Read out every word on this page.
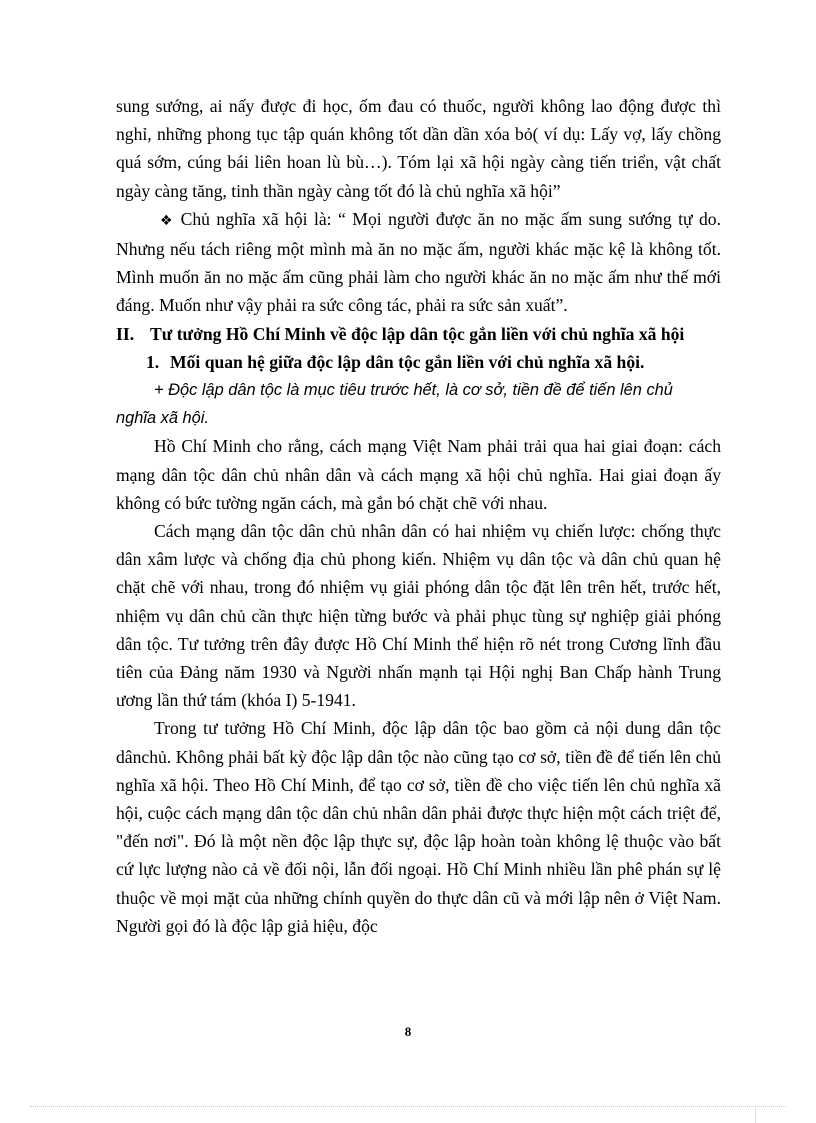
sung sướng, ai nấy được đi học, ốm đau có thuốc, người không lao động được thì nghỉ, những phong tục tập quán không tốt dần dần xóa bỏ( ví dụ: Lấy vợ, lấy chồng quá sớm, cúng bái liên hoan lù bù…). Tóm lại xã hội ngày càng tiến triển, vật chất ngày càng tăng, tinh thần ngày càng tốt đó là chủ nghĩa xã hội”

❖ Chủ nghĩa xã hội là: “ Mọi người được ăn no mặc ấm sung sướng tự do. Nhưng nếu tách riêng một mình mà ăn no mặc ấm, người khác mặc kệ là không tốt. Mình muốn ăn no mặc ấm cũng phải làm cho người khác ăn no mặc ấm như thế mới đáng. Muốn như vậy phải ra sức công tác, phải ra sức sản xuất”.

II. Tư tưởng Hồ Chí Minh về độc lập dân tộc gắn liền với chủ nghĩa xã hội

1. Mối quan hệ giữa độc lập dân tộc gắn liền với chủ nghĩa xã hội.

+ Độc lập dân tộc là mục tiêu trước hết, là cơ sở, tiền đề để tiến lên chủ
nghĩa xã hội.

Hồ Chí Minh cho rằng, cách mạng Việt Nam phải trải qua hai giai đoạn: cách mạng dân tộc dân chủ nhân dân và cách mạng xã hội chủ nghĩa. Hai giai đoạn ấy không có bức tường ngăn cách, mà gắn bó chặt chẽ với nhau.

Cách mạng dân tộc dân chủ nhân dân có hai nhiệm vụ chiến lược: chống thực dân xâm lược và chống địa chủ phong kiến. Nhiệm vụ dân tộc và dân chủ quan hệ chặt chẽ với nhau, trong đó nhiệm vụ giải phóng dân tộc đặt lên trên hết, trước hết, nhiệm vụ dân chủ cần thực hiện từng bước và phải phục tùng sự nghiệp giải phóng dân tộc. Tư tưởng trên đây được Hồ Chí Minh thể hiện rõ nét trong Cương lĩnh đầu tiên của Đảng năm 1930 và Người nhấn mạnh tại Hội nghị Ban Chấp hành Trung ương lần thứ tám (khóa I) 5-1941.

Trong tư tưởng Hồ Chí Minh, độc lập dân tộc bao gồm cả nội dung dân tộc dânchủ. Không phải bất kỳ độc lập dân tộc nào cũng tạo cơ sở, tiền đề để tiến lên chủ nghĩa xã hội. Theo Hồ Chí Minh, để tạo cơ sở, tiền đề cho việc tiến lên chủ nghĩa xã hội, cuộc cách mạng dân tộc dân chủ nhân dân phải được thực hiện một cách triệt để, "đến nơi". Đó là một nền độc lập thực sự, độc lập hoàn toàn không lệ thuộc vào bất cứ lực lượng nào cả về đối nội, lẫn đối ngoại. Hồ Chí Minh nhiều lần phê phán sự lệ thuộc về mọi mặt của những chính quyền do thực dân cũ và mới lập nên ở Việt Nam. Người gọi đó là độc lập giả hiệu, độc

8
